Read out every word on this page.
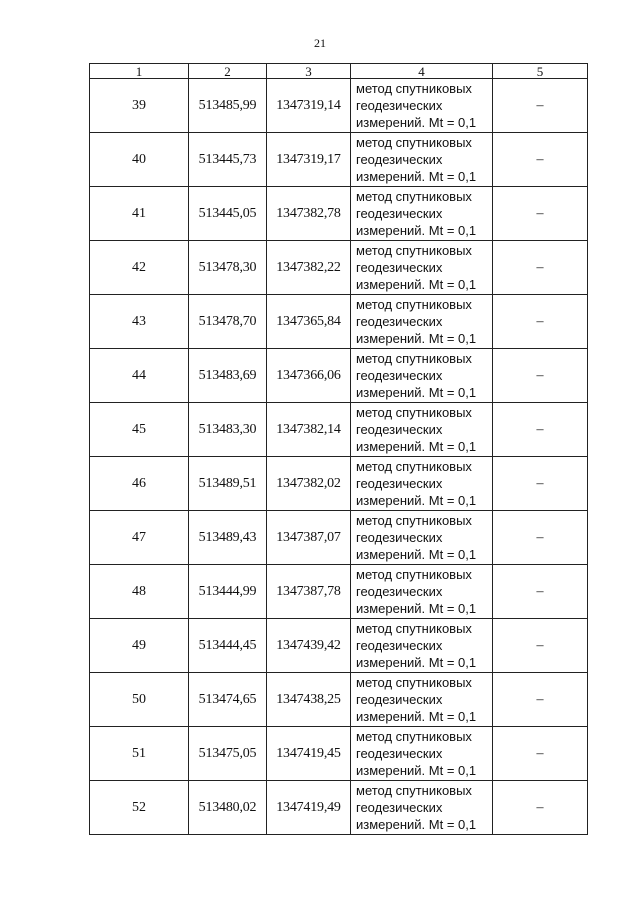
21
1	2	3	4	5
39	513485,99	1347319,14	метод спутниковых
геодезических
измерений. Mt = 0,1	–
40	513445,73	1347319,17	метод спутниковых
геодезических
измерений. Mt = 0,1	–
41	513445,05	1347382,78	метод спутниковых
геодезических
измерений. Mt = 0,1	–
42	513478,30	1347382,22	метод спутниковых
геодезических
измерений. Mt = 0,1	–
43	513478,70	1347365,84	метод спутниковых
геодезических
измерений. Mt = 0,1	–
44	513483,69	1347366,06	метод спутниковых
геодезических
измерений. Mt = 0,1	–
45	513483,30	1347382,14	метод спутниковых
геодезических
измерений. Mt = 0,1	–
46	513489,51	1347382,02	метод спутниковых
геодезических
измерений. Mt = 0,1	–
47	513489,43	1347387,07	метод спутниковых
геодезических
измерений. Mt = 0,1	–
48	513444,99	1347387,78	метод спутниковых
геодезических
измерений. Mt = 0,1	–
49	513444,45	1347439,42	метод спутниковых
геодезических
измерений. Mt = 0,1	–
50	513474,65	1347438,25	метод спутниковых
геодезических
измерений. Mt = 0,1	–
51	513475,05	1347419,45	метод спутниковых
геодезических
измерений. Mt = 0,1	–
52	513480,02	1347419,49	метод спутниковых
геодезических
измерений. Mt = 0,1	–
